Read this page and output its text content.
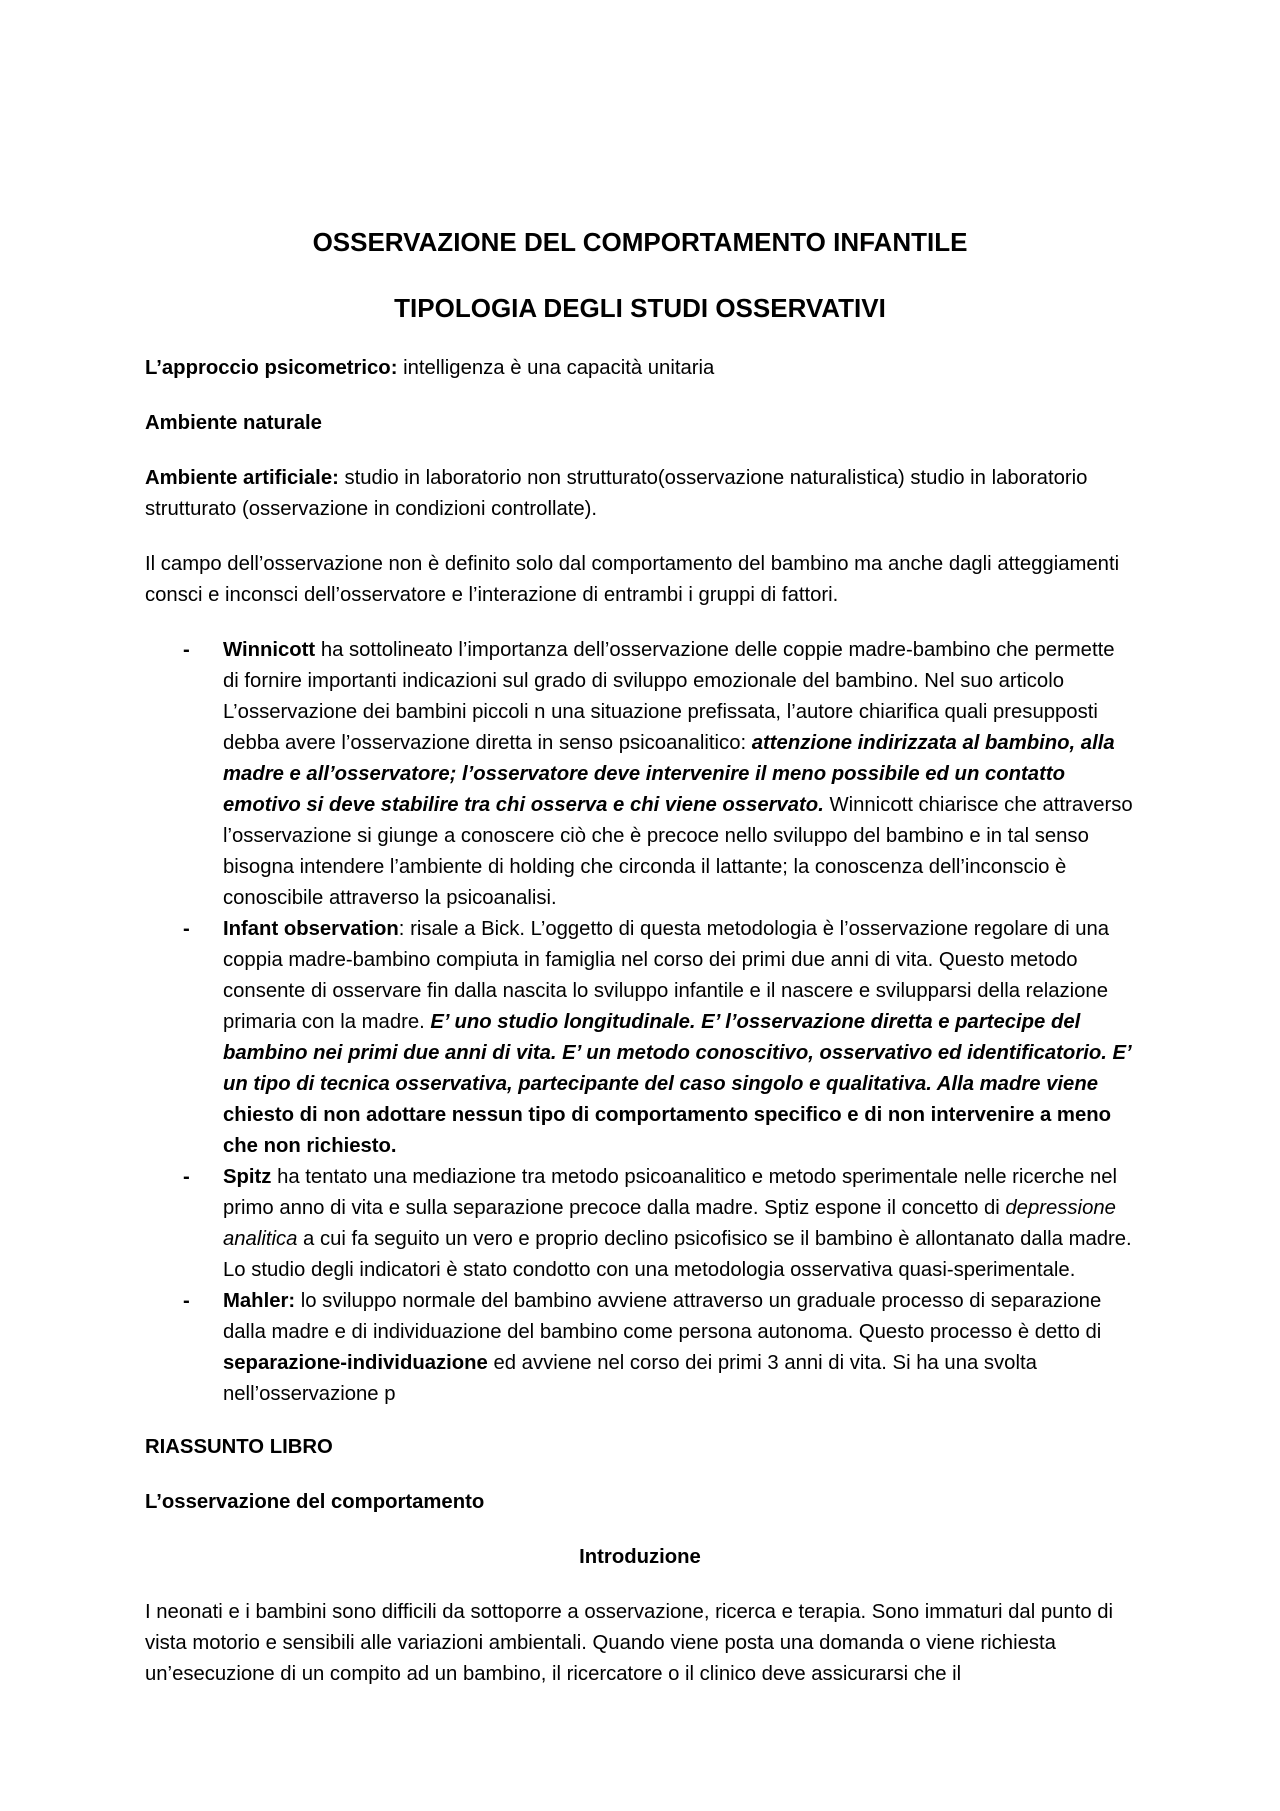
OSSERVAZIONE DEL COMPORTAMENTO INFANTILE
TIPOLOGIA DEGLI STUDI OSSERVATIVI

L’approccio psicometrico: intelligenza è una capacità unitaria

Ambiente naturale

Ambiente artificiale: studio in laboratorio non strutturato(osservazione naturalistica) studio in laboratorio strutturato (osservazione in condizioni controllate).

Il campo dell’osservazione non è definito solo dal comportamento del bambino ma anche dagli atteggiamenti consci e inconsci dell’osservatore e l’interazione di entrambi i gruppi di fattori.

- Winnicott ha sottolineato l’importanza dell’osservazione delle coppie madre-bambino che permette di fornire importanti indicazioni sul grado di sviluppo emozionale del bambino. Nel suo articolo L’osservazione dei bambini piccoli n una situazione prefissata, l’autore chiarifica quali presupposti debba avere l’osservazione diretta in senso psicoanalitico: attenzione indirizzata al bambino, alla madre e all’osservatore; l’osservatore deve intervenire il meno possibile ed un contatto emotivo si deve stabilire tra chi osserva e chi viene osservato. Winnicott chiarisce che attraverso l’osservazione si giunge a conoscere ciò che è precoce nello sviluppo del bambino e in tal senso bisogna intendere l’ambiente di holding che circonda il lattante; la conoscenza dell’inconscio è conoscibile attraverso la psicoanalisi.
- Infant observation: risale a Bick. L’oggetto di questa metodologia è l’osservazione regolare di una coppia madre-bambino compiuta in famiglia nel corso dei primi due anni di vita. Questo metodo consente di osservare fin dalla nascita lo sviluppo infantile e il nascere e svilupparsi della relazione primaria con la madre. E’ uno studio longitudinale. E’ l’osservazione diretta e partecipe del bambino nei primi due anni di vita. E’ un metodo conoscitivo, osservativo ed identificatorio. E’ un tipo di tecnica osservativa, partecipante del caso singolo e qualitativa. Alla madre viene chiesto di non adottare nessun tipo di comportamento specifico e di non intervenire a meno che non richiesto.
- Spitz ha tentato una mediazione tra metodo psicoanalitico e metodo sperimentale nelle ricerche nel primo anno di vita e sulla separazione precoce dalla madre. Sptiz espone il concetto di depressione analitica a cui fa seguito un vero e proprio declino psicofisico se il bambino è allontanato dalla madre. Lo studio degli indicatori è stato condotto con una metodologia osservativa quasi-sperimentale.
- Mahler: lo sviluppo normale del bambino avviene attraverso un graduale processo di separazione dalla madre e di individuazione del bambino come persona autonoma. Questo processo è detto di separazione-individuazione ed avviene nel corso dei primi 3 anni di vita. Si ha una svolta nell’osservazione p

RIASSUNTO LIBRO

L’osservazione del comportamento

Introduzione

I neonati e i bambini sono difficili da sottoporre a osservazione, ricerca e terapia. Sono immaturi dal punto di vista motorio e sensibili alle variazioni ambientali. Quando viene posta una domanda o viene richiesta un’esecuzione di un compito ad un bambino, il ricercatore o il clinico deve assicurarsi che il
